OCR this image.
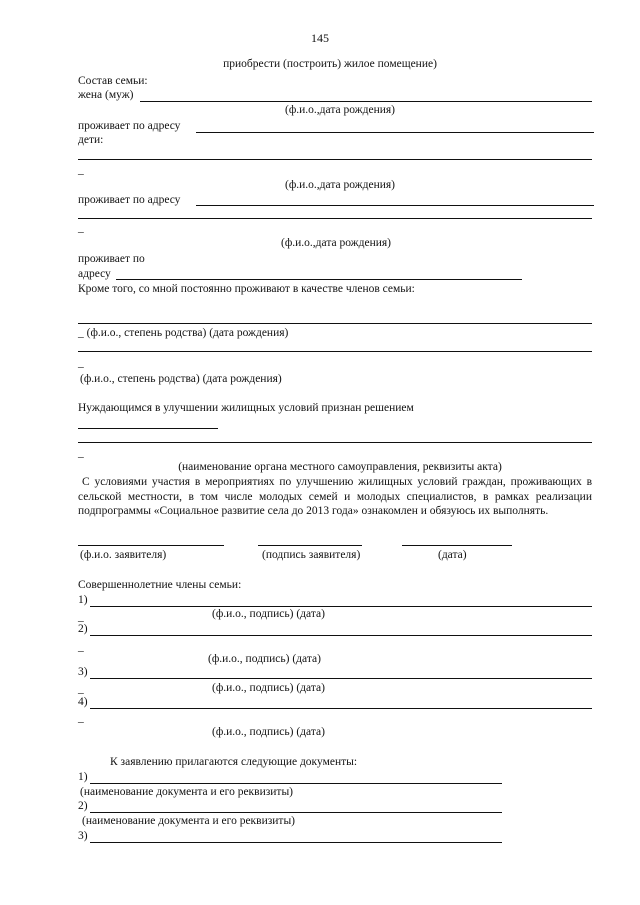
145
приобрести (построить) жилое помещение)
Состав семьи:
жена (муж)
(ф.и.о.,дата рождения)
проживает по адресу
дети:
_
(ф.и.о.,дата рождения)
проживает по адресу
_
(ф.и.о.,дата рождения)
проживает по
адресу
Кроме того, со мной постоянно проживают в качестве членов семьи:
_ (ф.и.о., степень родства) (дата рождения)
_
(ф.и.о., степень родства) (дата рождения)
Нуждающимся в улучшении жилищных условий признан решением
_
(наименование органа местного самоуправления, реквизиты акта)
С условиями участия в мероприятиях по улучшению жилищных условий граждан, проживающих в сельской местности, в том числе молодых семей и молодых специалистов, в рамках реализации подпрограммы «Социальное развитие села до 2013 года» ознакомлен и обязуюсь их выполнять.
(ф.и.о. заявителя)	(подпись заявителя)	(дата)
Совершеннолетние члены семьи:
1)
_	(ф.и.о., подпись) (дата)
2)
_
(ф.и.о., подпись) (дата)
3)
_	(ф.и.о., подпись) (дата)
4)
_
(ф.и.о., подпись) (дата)
К заявлению прилагаются следующие документы:
1)
(наименование документа и его реквизиты)
2)
(наименование документа и его реквизиты)
3)
